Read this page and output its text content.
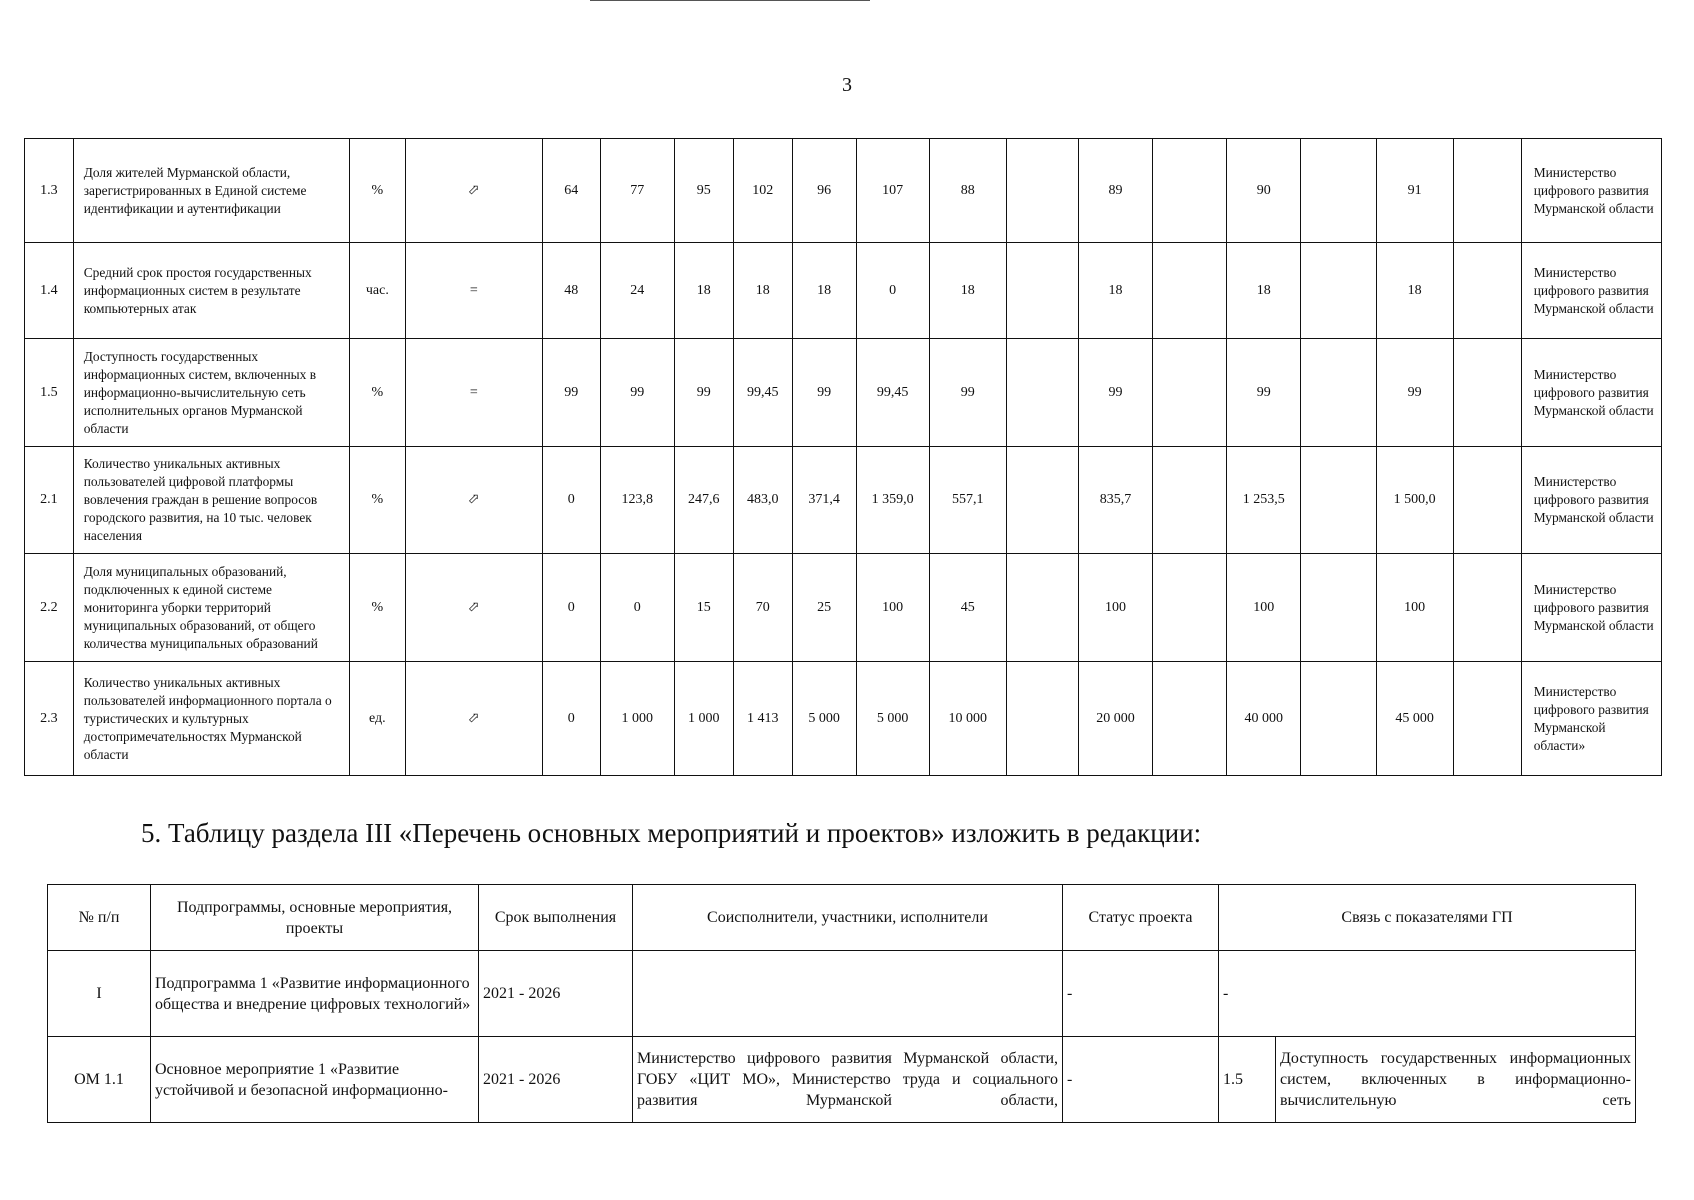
3
1.3	Доля жителей Мурманской области, зарегистрированных в Единой системе идентификации и аутентификации	%	⬀	64	77	95	102	96	107	88		89		90		91		Министерство цифрового развития Мурманской области
1.4	Средний срок простоя государственных информационных систем в результате компьютерных атак	час.	=	48	24	18	18	18	0	18		18		18		18		Министерство цифрового развития Мурманской области
1.5	Доступность государственных информационных систем, включенных в информационно-вычислительную сеть исполнительных органов Мурманской области	%	=	99	99	99	99,45	99	99,45	99		99		99		99		Министерство цифрового развития Мурманской области
2.1	Количество уникальных активных пользователей цифровой платформы вовлечения граждан в решение вопросов городского развития, на 10 тыс. человек населения	%	⬀	0	123,8	247,6	483,0	371,4	1 359,0	557,1		835,7		1 253,5		1 500,0		Министерство цифрового развития Мурманской области
2.2	Доля муниципальных образований, подключенных к единой системе мониторинга уборки территорий муниципальных образований, от общего количества муниципальных образований	%	⬀	0	0	15	70	25	100	45		100		100		100		Министерство цифрового развития Мурманской области
2.3	Количество уникальных активных пользователей информационного портала о туристических и культурных достопримечательностях Мурманской области	ед.	⬀	0	1 000	1 000	1 413	5 000	5 000	10 000		20 000		40 000		45 000		Министерство цифрового развития Мурманской области»
5. Таблицу раздела III «Перечень основных мероприятий и проектов» изложить в редакции:
№ п/п	Подпрограммы, основные мероприятия, проекты	Срок выполнения	Соисполнители, участники, исполнители	Статус проекта	Связь с показателями ГП	
I	Подпрограмма 1 «Развитие информационного общества и внедрение цифровых технологий»	2021 - 2026		-	-	
ОМ 1.1	Основное мероприятие 1 «Развитие устойчивой и безопасной информационно-	2021 - 2026	Министерство цифрового развития Мурманской области, ГОБУ «ЦИТ МО», Министерство труда и социального развития Мурманской области,	-	1.5	Доступность государственных информационных систем, включенных в информационно-вычислительную сеть
